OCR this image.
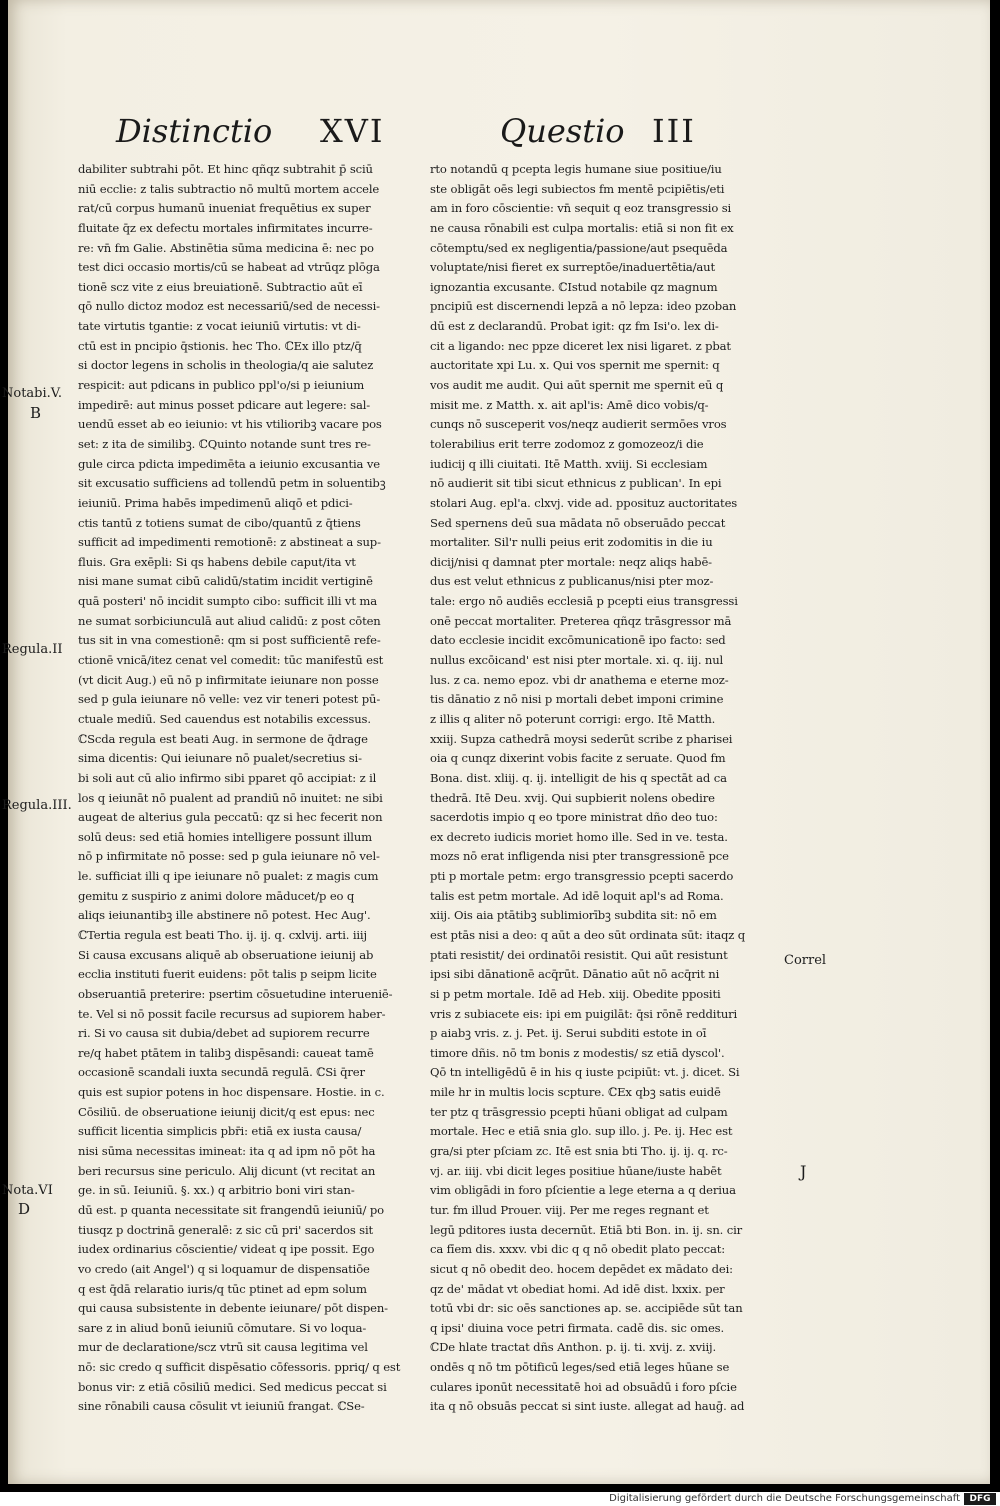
Distinctio XVI	Questio III
dabiliter subtrahi pōt. Et hinc qñqz subtrahit p̄ sciū
niū ecclie: z talis subtractio nō multū mortem accele
rat/cū corpus humanū inueniat frequētius ex super
fluitate q̄z ex defectu mortales infirmitates incurre-
re: vn̄ fm Galie. Abstinētia sūma medicina ē: nec po
test dici occasio mortis/cū se habeat ad vtrūqz plōga
tionē scz vite z eius breuiationē. Subtractio aūt eī
qō nullo dictoz modoz est necessariū/sed de necessi-
tate virtutis tgantie: z vocat ieiuniū virtutis: vt di-
ctū est in pncipio q̄stionis. hec Tho. ℂEx illo ptz/q̄
si doctor legens in scholis in theologia/q aie salutez
respicit: aut pdicans in publico ppl'o/si p ieiunium
impedirē: aut minus posset pdicare aut legere: sal-
uendū esset ab eo ieiunio: vt his vtilioribꝫ vacare pos
set: z ita de similibꝫ. ℂQuinto notande sunt tres re-
gule circa pdicta impedimēta a ieiunio excusantia ve
sit excusatio sufficiens ad tollendū petm in soluentibꝫ
ieiuniū. Prima habēs impedimenū aliqō et pdici-
ctis tantū z totiens sumat de cibo/quantū z q̄tiens
sufficit ad impedimenti remotionē: z abstineat a sup-
fluis. Gra exēpli: Si qs habens debile caput/ita vt
nisi mane sumat cibū calidū/statim incidit vertiginē
quā posteri' nō incidit sumpto cibo: sufficit illi vt ma
ne sumat sorbiciunculā aut aliud calidū: z post cōten
tus sit in vna comestionē: qm si post sufficientē refe-
ctionē vnicā/itez cenat vel comedit: tūc manifestū est
(vt dicit Aug.) eū nō p infirmitate ieiunare non posse
sed p gula ieiunare nō velle: vez vir teneri potest pū-
ctuale mediū. Sed cauendus est notabilis excessus.
ℂScda regula est beati Aug. in sermone de q̄drage
sima dicentis: Qui ieiunare nō pualet/secretius si-
bi soli aut cū alio infirmo sibi pparet qō accipiat: z il
los q ieiunāt nō pualent ad prandiū nō inuitet: ne sibi
augeat de alterius gula peccatū: qz si hec fecerit non
solū deus: sed etiā homies intelligere possunt illum
nō p infirmitate nō posse: sed p gula ieiunare nō vel-
le. sufficiat illi q ipe ieiunare nō pualet: z magis cum
gemitu z suspirio z animi dolore māducet/p eo q
aliqs ieiunantibꝫ ille abstinere nō potest. Hec Aug'.
ℂTertia regula est beati Tho. ij. ij. q. cxlvij. arti. iiij
Si causa excusans aliquē ab obseruatione ieiunij ab
ecclia instituti fuerit euidens: pōt talis p seipm licite
obseruantiā preterire: psertim cōsuetudine interueniē-
te. Vel si nō possit facile recursus ad supiorem haber-
ri. Si vo causa sit dubia/debet ad supiorem recurre
re/q habet ptātem in talibꝫ dispēsandi: caueat tamē
occasionē scandali iuxta secundā regulā. ℂSi q̄rer
quis est supior potens in hoc dispensare. Hostie. in c.
Cōsiliū. de obseruatione ieiunij dicit/q est epus: nec
sufficit licentia simplicis pbr̄i: etiā ex iusta causa/
nisi sūma necessitas imineat: ita q ad ipm nō pōt ha
beri recursus sine periculo. Alij dicunt (vt recitat an
ge. in sū. Ieiuniū. §. xx.) q arbitrio boni viri stan-
dū est. p quanta necessitate sit frangendū ieiuniū/ po
tiusqz p doctrinā generalē: z sic cū pri' sacerdos sit
iudex ordinarius cōscientie/ videat q ipe possit. Ego
vo credo (ait Angel') q si loquamur de dispensatiōe
q est q̄dā relaratio iuris/q tūc ptinet ad epm solum
qui causa subsistente in debente ieiunare/ pōt dispen-
sare z in aliud bonū ieiuniū cōmutare. Si vo loqua-
mur de declaratione/scz vtrū sit causa legitima vel
nō: sic credo q sufficit dispēsatio cōfessoris. ppriq/ q est
bonus vir: z etiā cōsiliū medici. Sed medicus peccat si
sine rōnabili causa cōsulit vt ieiuniū frangat. ℂSe-
rto notandū q pcepta legis humane siue positiue/iu
ste obligāt oēs legi subiectos fm mentē pcipiētis/eti
am in foro cōscientie: vn̄ sequit q eoz transgressio si
ne causa rōnabili est culpa mortalis: etiā si non fit ex
cōtemptu/sed ex negligentia/passione/aut psequēda
voluptate/nisi fieret ex surreptōe/inaduertētia/aut
ignozantia excusante. ℂIstud notabile qz magnum
pncipiū est discernendi lepzā a nō lepza: ideo pzoban
dū est z declarandū. Probat igit: qz fm Isi'o. lex di-
cit a ligando: nec ppze diceret lex nisi ligaret. z pbat
auctoritate xpi Lu. x. Qui vos spernit me spernit: q
vos audit me audit. Qui aūt spernit me spernit eū q
misit me. z Matth. x. ait apl'is: Amē dico vobis/q-
cunqs nō susceperit vos/neqz audierit sermōes vros
tolerabilius erit terre zodomoz z gomozeoz/i die
iudicij q illi ciuitati. Itē Matth. xviij. Si ecclesiam
nō audierit sit tibi sicut ethnicus z publican'. In epi
stolari Aug. epl'a. clxvj. vide ad. pposituz auctoritates
Sed spernens deū sua mādata nō obseruādo peccat
mortaliter. Sil'r nulli peius erit zodomitis in die iu
dicij/nisi q damnat pter mortale: neqz aliqs habē-
dus est velut ethnicus z publicanus/nisi pter moz-
tale: ergo nō audiēs ecclesiā p pcepti eius transgressi
onē peccat mortaliter. Preterea qñqz trāsgressor mā
dato ecclesie incidit excōmunicationē ipo facto: sed
nullus excōicand' est nisi pter mortale. xi. q. iij. nul
lus. z ca. nemo epoz. vbi dr anathema e eterne moz-
tis dānatio z nō nisi p mortali debet imponi crimine
z illis q aliter nō poterunt corrigi: ergo. Itē Matth.
xxiij. Supza cathedrā moysi sederūt scribe z pharisei
oia q cunqz dixerint vobis facite z seruate. Quod fm
Bona. dist. xliij. q. ij. intelligit de his q spectāt ad ca
thedrā. Itē Deu. xvij. Qui supbierit nolens obedire
sacerdotis impio q eo tpore ministrat dño deo tuo:
ex decreto iudicis moriet homo ille. Sed in ve. testa.
mozs nō erat infligenda nisi pter transgressionē pce
pti p mortale petm: ergo transgressio pcepti sacerdo
talis est petm mortale. Ad idē loquit apl's ad Roma.
xiij. Ois aia ptātibꝫ sublimiorībꝫ subdita sit: nō em
est ptās nisi a deo: q aūt a deo sūt ordinata sūt: itaqz q
ptati resistit/ dei ordinatōi resistit. Qui aūt resistunt
ipsi sibi dānationē acq̄rūt. Dānatio aūt nō acq̄rit ni
si p petm mortale. Idē ad Heb. xiij. Obedite ppositi
vris z subiacete eis: ipi em puigilāt: q̄si rōnē reddituri
p aiabꝫ vris. z. j. Pet. ij. Serui subditi estote in oī
timore dñis. nō tm bonis z modestis/ sz etiā dyscol'.
Qō tn intelligēdū ē in his q iuste pcipiūt: vt. j. dicet. Si
mile hr in multis locis scpture. ℂEx qbꝫ satis euidē
ter ptz q trāsgressio pcepti hūani obligat ad culpam
mortale. Hec e etiā snia glo. sup illo. j. Pe. ij. Hec est
gra/si pter pſciam zc. Itē est snia bti Tho. ij. ij. q. rc-
vj. ar. iiij. vbi dicit leges positiue hūane/iuste habēt
vim obligādi in foro pſcientie a lege eterna a q deriua
tur. fm illud Prouer. viij. Per me reges regnant et
legū pditores iusta decernūt. Etiā bti Bon. in. ij. sn. cir
ca fīem dis. xxxv. vbi dic q q nō obedit plato peccat:
sicut q nō obedit deo. hocem depēdet ex mādato dei:
qz de' mādat vt obediat homi. Ad idē dist. lxxix. per
totū vbi dr: sic oēs sanctiones ap. se. accipiēde sūt tan
q ipsi' diuina voce petri firmata. cadē dis. sic omes.
ℂDe hlate tractat dñs Anthon. p. ij. ti. xvij. z. xviij.
ondēs q nō tm pōtificū leges/sed etiā leges hūane se
culares iponūt necessitatē hoi ad obsuādū i foro pſcie
ita q nō obsuās peccat si sint iuste. allegat ad hauḡ. ad
Notabi.V.
B
Regula.II
Regula.III.
Nota.VI
D
Correl
J
Digitalisierung gefördert durch die Deutsche Forschungsgemeinschaft	DFG
